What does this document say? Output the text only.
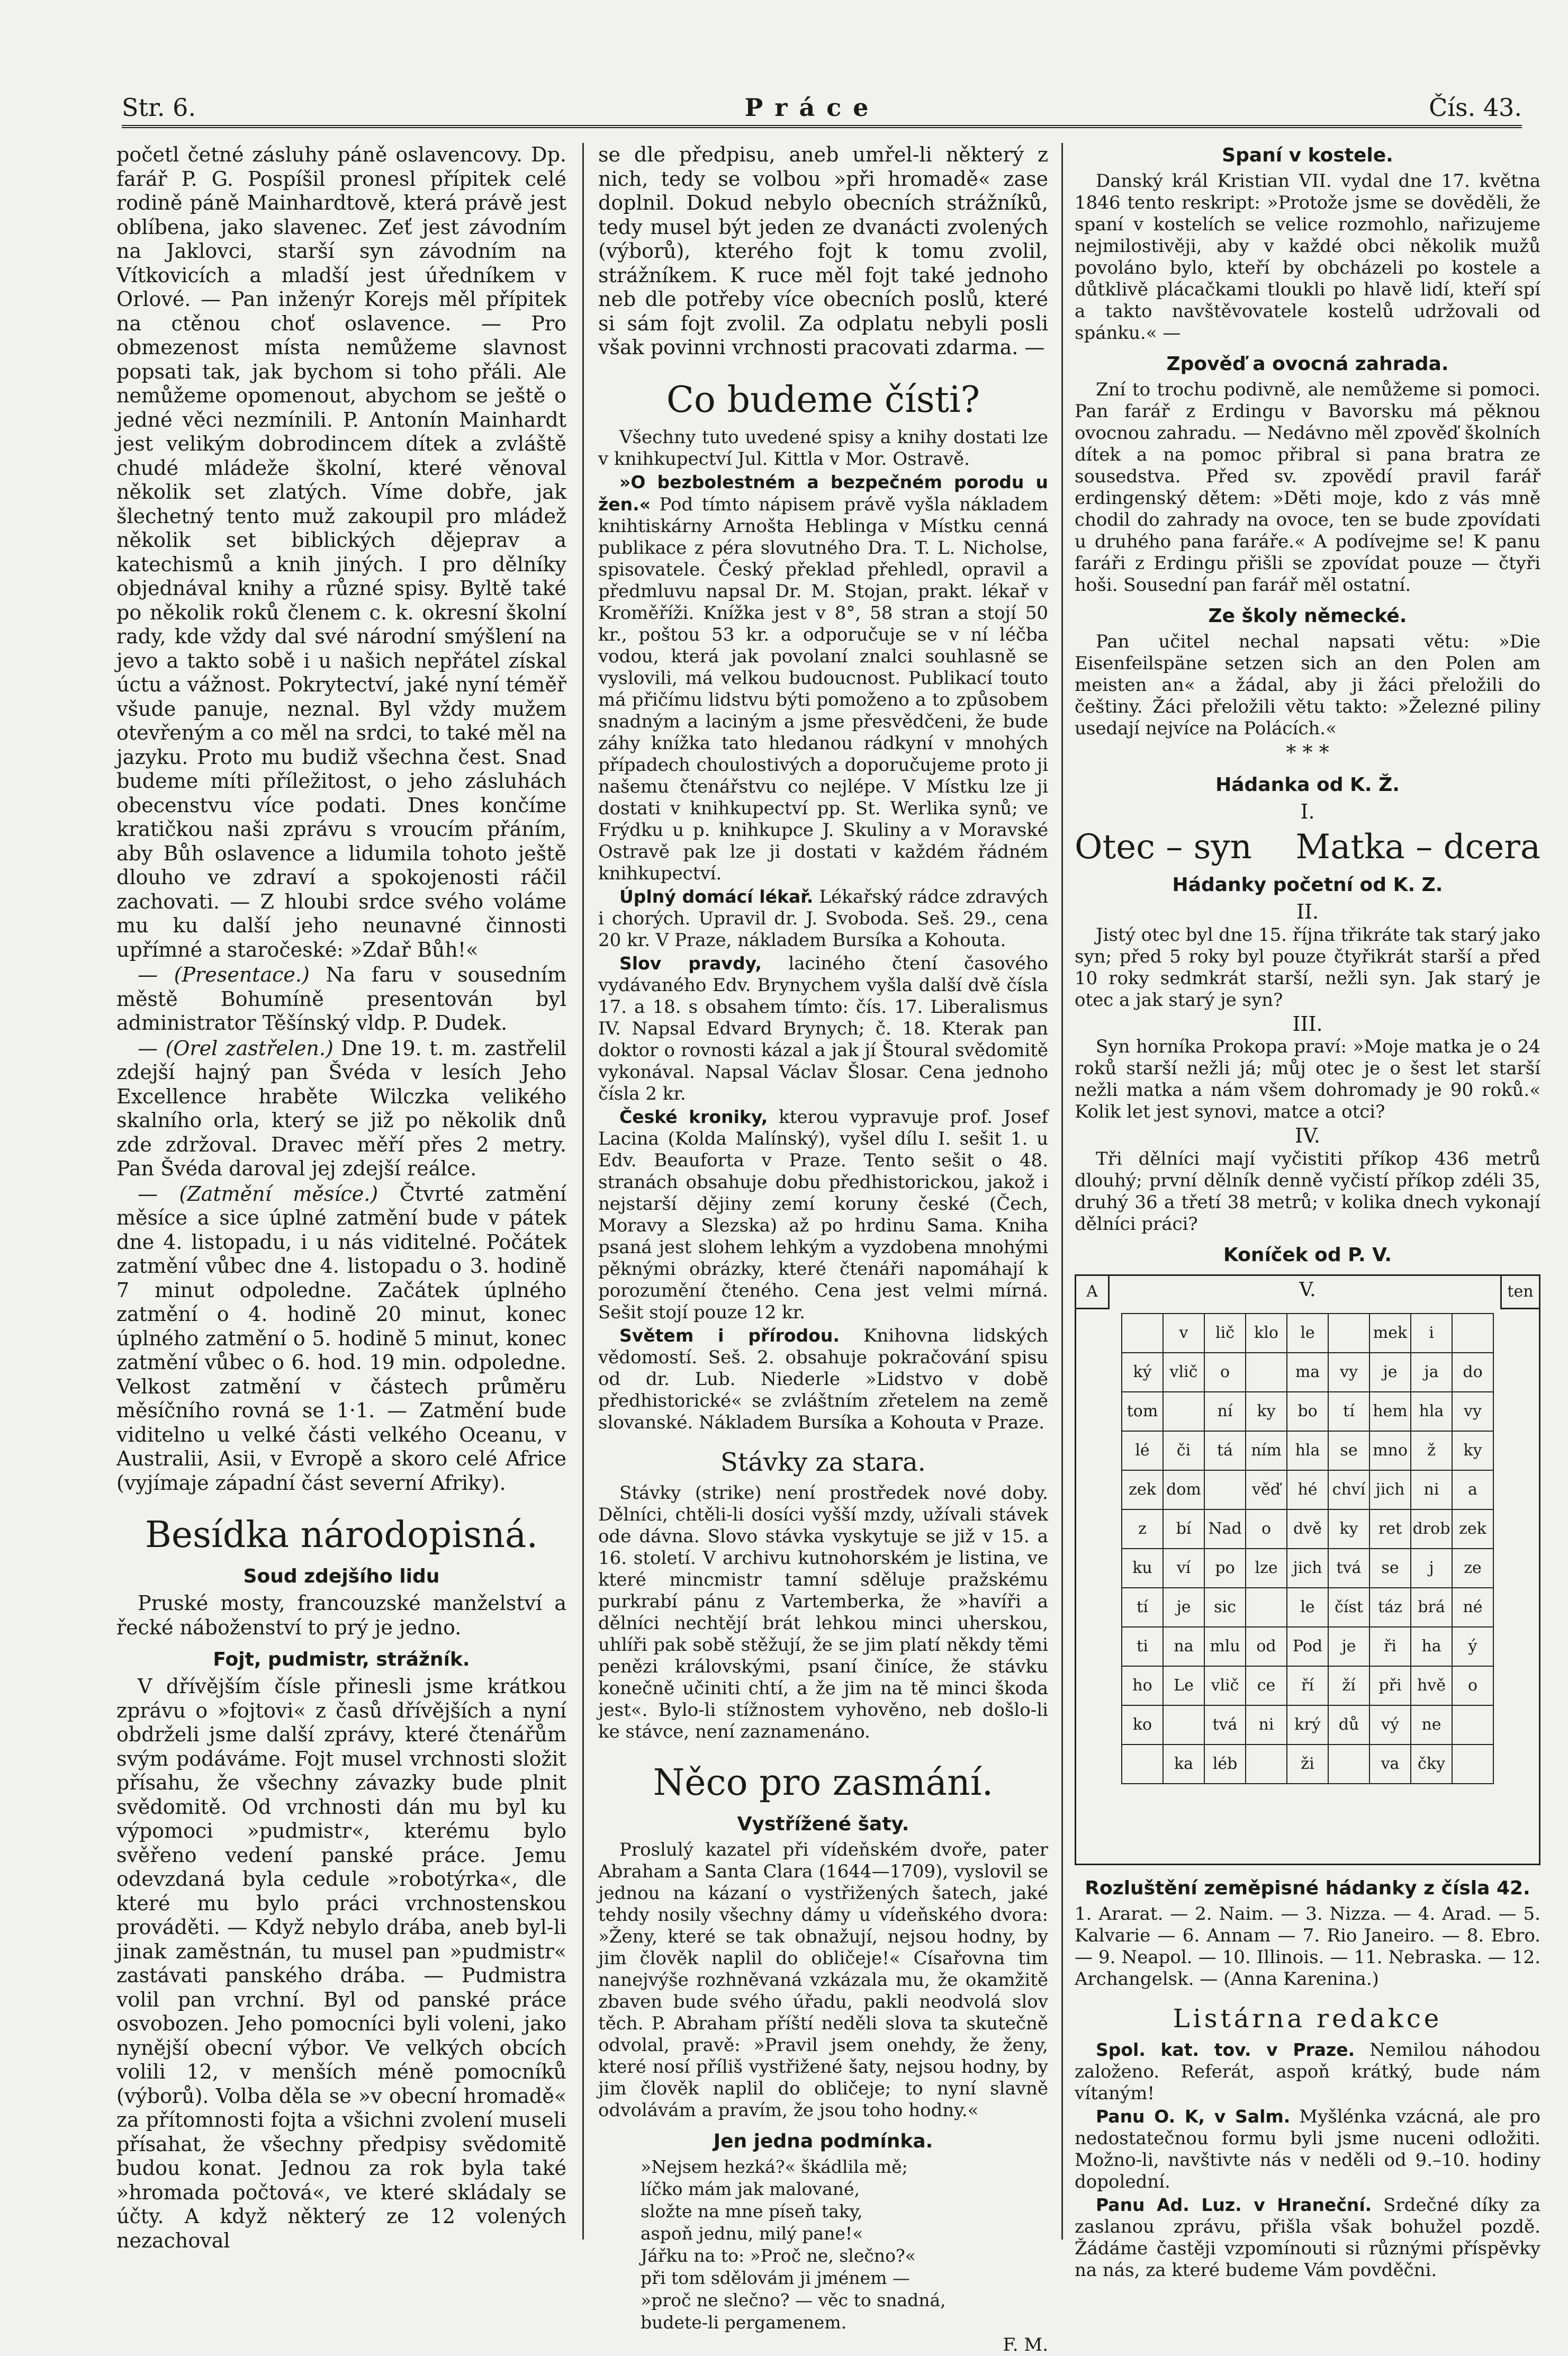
Str. 6.	Práce	Čís. 43.

početl četné zásluhy páně oslavencovy. Dp. farář P. G. Pospíšil pronesl přípitek celé rodině páně Mainhardtově, která právě jest oblíbena, jako slavenec. Zeť jest závodním na Jaklovci, starší syn závodním na Vítkovicích a mladší jest úředníkem v Orlové. — Pan inženýr Korejs měl přípitek na ctěnou choť oslavence. — Pro obmezenost místa nemůžeme slavnost popsati tak, jak bychom si toho přáli. Ale nemůžeme opomenout, abychom se ještě o jedné věci nezmínili. P. Antonín Mainhardt jest velikým dobrodincem dítek a zvláště chudé mládeže školní, které věnoval několik set zlatých. Víme dobře, jak šlechetný tento muž zakoupil pro mládež několik set biblických dějeprav a katechismů a knih jiných. I pro dělníky objednával knihy a různé spisy. Byltě také po několik roků členem c. k. okresní školní rady, kde vždy dal své národní smýšlení na jevo a takto sobě i u našich nepřátel získal úctu a vážnost. Pokrytectví, jaké nyní téměř všude panuje, neznal. Byl vždy mužem otevřeným a co měl na srdci, to také měl na jazyku. Proto mu budiž všechna čest. Snad budeme míti příležitost, o jeho zásluhách obecenstvu více podati. Dnes končíme kratičkou naši zprávu s vroucím přáním, aby Bůh oslavence a lidumila tohoto ještě dlouho ve zdraví a spokojenosti ráčil zachovati. — Z hloubi srdce svého voláme mu ku další jeho neunavné činnosti upřímné a staročeské: »Zdař Bůh!«

— (Presentace.) Na faru v sousedním městě Bohumíně presentován byl administrator Těšínský vldp. P. Dudek.

— (Orel zastřelen.) Dne 19. t. m. zastřelil zdejší hajný pan Švéda v lesích Jeho Excellence hraběte Wilczka velikého skalního orla, který se již po několik dnů zde zdržoval. Dravec měří přes 2 metry. Pan Švéda daroval jej zdejší reálce.

— (Zatmění měsíce.) Čtvrté zatmění měsíce a sice úplné zatmění bude v pátek dne 4. listopadu, i u nás viditelné. Počátek zatmění vůbec dne 4. listopadu o 3. hodině 7 minut odpoledne. Začátek úplného zatmění o 4. hodině 20 minut, konec úplného zatmění o 5. hodině 5 minut, konec zatmění vůbec o 6. hod. 19 min. odpoledne. Velkost zatmění v částech průměru měsíčního rovná se 1·1. — Zatmění bude viditelno u velké části velkého Oceanu, v Australii, Asii, v Evropě a skoro celé Africe (vyjímaje západní část severní Afriky).

Besídka národopisná.
Soud zdejšího lidu

Pruské mosty, francouzské manželství a řecké náboženství to prý je jedno.

Fojt, pudmistr, strážník.

V dřívějším čísle přinesli jsme krátkou zprávu o »fojtovi« z časů dřívějších a nyní obdrželi jsme další zprávy, které čtenářům svým podáváme. Fojt musel vrchnosti složit přísahu, že všechny závazky bude plnit svědomitě. Od vrchnosti dán mu byl ku výpomoci »pudmistr«, kterému bylo svěřeno vedení panské práce. Jemu odevzdaná byla cedule »robotýrka«, dle které mu bylo práci vrchnostenskou prováděti. — Když nebylo drába, aneb byl-li jinak zaměstnán, tu musel pan »pudmistr« zastávati panského drába. — Pudmistra volil pan vrchní. Byl od panské práce osvobozen. Jeho pomocníci byli voleni, jako nynější obecní výbor. Ve velkých obcích volili 12, v menších méně pomocníků (výborů). Volba děla se »v obecní hromadě« za přítomnosti fojta a všichni zvolení museli přísahat, že všechny předpisy svědomitě budou konat. Jednou za rok byla také »hromada počtová«, ve které skládaly se účty. A když některý ze 12 volených nezachoval

se dle předpisu, aneb umřel-li některý z nich, tedy se volbou »při hromadě« zase doplnil. Dokud nebylo obecních strážníků, tedy musel být jeden ze dvanácti zvolených (výborů), kterého fojt k tomu zvolil, strážníkem. K ruce měl fojt také jednoho neb dle potřeby více obecních poslů, které si sám fojt zvolil. Za odplatu nebyli posli však povinni vrchnosti pracovati zdarma. —

Co budeme čísti?

Všechny tuto uvedené spisy a knihy dostati lze v knihkupectví Jul. Kittla v Mor. Ostravě.

»O bezbolestném a bezpečném porodu u žen.« Pod tímto nápisem právě vyšla nákladem knihtiskárny Arnošta Heblinga v Místku cenná publikace z péra slovutného Dra. T. L. Nicholse, spisovatele. Český překlad přehledl, opravil a předmluvu napsal Dr. M. Stojan, prakt. lékař v Kroměříži. Knížka jest v 8°, 58 stran a stojí 50 kr., poštou 53 kr. a odporučuje se v ní léčba vodou, která jak povolaní znalci souhlasně se vyslovili, má velkou budoucnost. Publikací touto má přičímu lidstvu býti pomoženo a to způsobem snadným a laciným a jsme přesvědčeni, že bude záhy knížka tato hledanou rádkyní v mnohých případech choulostivých a doporučujeme proto ji našemu čtenářstvu co nejlépe. V Místku lze ji dostati v knihkupectví pp. St. Werlika synů; ve Frýdku u p. knihkupce J. Skuliny a v Moravské Ostravě pak lze ji dostati v každém řádném knihkupectví.

Úplný domácí lékař. Lékařský rádce zdravých i chorých. Upravil dr. J. Svoboda. Seš. 29., cena 20 kr. V Praze, nákladem Bursíka a Kohouta.

Slov pravdy, laciného čtení časového vydávaného Edv. Brynychem vyšla další dvě čísla 17. a 18. s obsahem tímto: čís. 17. Liberalismus IV. Napsal Edvard Brynych; č. 18. Kterak pan doktor o rovnosti kázal a jak jí Štoural svědomitě vykonával. Napsal Václav Šlosar. Cena jednoho čísla 2 kr.

České kroniky, kterou vypravuje prof. Josef Lacina (Kolda Malínský), vyšel dílu I. sešit 1. u Edv. Beauforta v Praze. Tento sešit o 48. stranách obsahuje dobu předhistorickou, jakož i nejstarší dějiny zemí koruny české (Čech, Moravy a Slezska) až po hrdinu Sama. Kniha psaná jest slohem lehkým a vyzdobena mnohými pěknými obrázky, které čtenáři napomáhají k porozumění čteného. Cena jest velmi mírná. Sešit stojí pouze 12 kr.

Světem i přírodou. Knihovna lidských vědomostí. Seš. 2. obsahuje pokračování spisu od dr. Lub. Niederle »Lidstvo v době předhistorické« se zvláštním zřetelem na země slovanské. Nákladem Bursíka a Kohouta v Praze.

Stávky za stara.

Stávky (strike) není prostředek nové doby. Dělníci, chtěli-li dosíci vyšší mzdy, užívali stávek ode dávna. Slovo stávka vyskytuje se již v 15. a 16. století. V archivu kutnohorském je listina, ve které mincmistr tamní sděluje pražskému purkrabí pánu z Vartemberka, že »havíři a dělníci nechtějí brát lehkou minci uherskou, uhlíři pak sobě stěžují, že se jim platí někdy těmi penězi královskými, psaní činíce, že stávku konečně učiniti chtí, a že jim na tě minci škoda jest«. Bylo-li stížnostem vyhověno, neb došlo-li ke stávce, není zaznamenáno.

Něco pro zasmání.
Vystřížené šaty.

Proslulý kazatel při vídeňském dvoře, pater Abraham a Santa Clara (1644—1709), vyslovil se jednou na kázaní o vystřižených šatech, jaké tehdy nosily všechny dámy u vídeňského dvora: »Ženy, které se tak obnažují, nejsou hodny, by jim člověk naplil do obličeje!« Císařovna tim nanejvýše rozhněvaná vzkázala mu, že okamžitě zbaven bude svého úřadu, pakli neodvolá slov těch. P. Abraham příští neděli slova ta skutečně odvolal, pravě: »Pravil jsem onehdy, že ženy, které nosí příliš vystřižené šaty, nejsou hodny, by jim člověk naplil do obličeje; to nyní slavně odvolávám a pravím, že jsou toho hodny.«

Jen jedna podmínka.

»Nejsem hezká?« škádlila mě;

líčko mám jak malované,

složte na mne píseň taky,

aspoň jednu, milý pane!«

Jářku na to: »Proč ne, slečno?«

při tom sdělovám ji jménem —

»proč ne slečno? — věc to snadná,

budete-li pergamenem.

F. M.

Spaní v kostele.

Danský král Kristian VII. vydal dne 17. května 1846 tento reskript: »Protože jsme se dověděli, že spaní v kostelích se velice rozmohlo, nařizujeme nejmilostivěji, aby v každé obci několik mužů povoláno bylo, kteří by obcházeli po kostele a důtklivě plácačkami tloukli po hlavě lidí, kteří spí a takto navštěvovatele kostelů udržovali od spánku.« —

Zpověď a ovocná zahrada.

Zní to trochu podivně, ale nemůžeme si pomoci. Pan farář z Erdingu v Bavorsku má pěknou ovocnou zahradu. — Nedávno měl zpověď školních dítek a na pomoc přibral si pana bratra ze sousedstva. Před sv. zpovědí pravil farář erdingenský dětem: »Děti moje, kdo z vás mně chodil do zahrady na ovoce, ten se bude zpovídati u druhého pana faráře.« A podívejme se! K panu faráři z Erdingu přišli se zpovídat pouze — čtyři hoši. Sousední pan farář měl ostatní.

Ze školy německé.

Pan učitel nechal napsati větu: »Die Eisenfeilspäne setzen sich an den Polen am meisten an« a žádal, aby ji žáci přeložili do češtiny. Žáci přeložili větu takto: »Železné piliny usedají nejvíce na Polácích.«

* * *
Hádanka od K. Ž.
I.
Otec – syn Matka – dcera
Hádanky početní od K. Z.
II.

Jistý otec byl dne 15. října třikráte tak starý jako syn; před 5 roky byl pouze čtyřikrát starší a před 10 roky sedmkrát starší, nežli syn. Jak starý je otec a jak starý je syn?

III.

Syn horníka Prokopa praví: »Moje matka je o 24 roků starší nežli já; můj otec je o šest let starší nežli matka a nám všem dohromady je 90 roků.« Kolik let jest synovi, matce a otci?

IV.

Tři dělníci mají vyčistiti příkop 436 metrů dlouhý; první dělník denně vyčistí příkop zdéli 35, druhý 36 a třetí 38 metrů; v kolika dnech vykonají dělníci práci?

Koníček od P. V.
A	V.	ten
	v	lič	klo	le		mek	i	
ký	vlič	o		ma	vy	je	ja	do
tom		ní	ky	bo	tí	hem	hla	vy
lé	či	tá	ním	hla	se	mno	ž	ky
zek	dom		věď	hé	chví	jich	ni	a
z	bí	Nad	o	dvě	ky	ret	drob	zek
ku	ví	po	lze	jich	tvá	se	j	ze
tí	je	sic		le	číst	táz	brá	né
ti	na	mlu	od	Pod	je	ři	ha	ý
ho	Le	vlič	ce	ří	ží	při	hvě	o
ko		tvá	ni	krý	dů	vý	ne	
	ka	léb		ži		va	čky	
Rozluštění zeměpisné hádanky z čísla 42.

1. Ararat. — 2. Naim. — 3. Nizza. — 4. Arad. — 5. Kalvarie — 6. Annam — 7. Rio Janeiro. — 8. Ebro. — 9. Neapol. — 10. Illinois. — 11. Nebraska. — 12. Archangelsk. — (Anna Karenina.)

Listárna redakce

Spol. kat. tov. v Praze. Nemilou náhodou založeno. Referát, aspoň krátký, bude nám vítaným!

Panu O. K, v Salm. Myšlénka vzácná, ale pro nedostatečnou formu byli jsme nuceni odložiti. Možno-li, navštivte nás v neděli od 9.–10. hodiny dopolední.

Panu Ad. Luz. v Hraneční. Srdečné díky za zaslanou zprávu, přišla však bohužel pozdě. Žádáme častěji vzpomínouti si různými příspěvky na nás, za které budeme Vám povděčni.
